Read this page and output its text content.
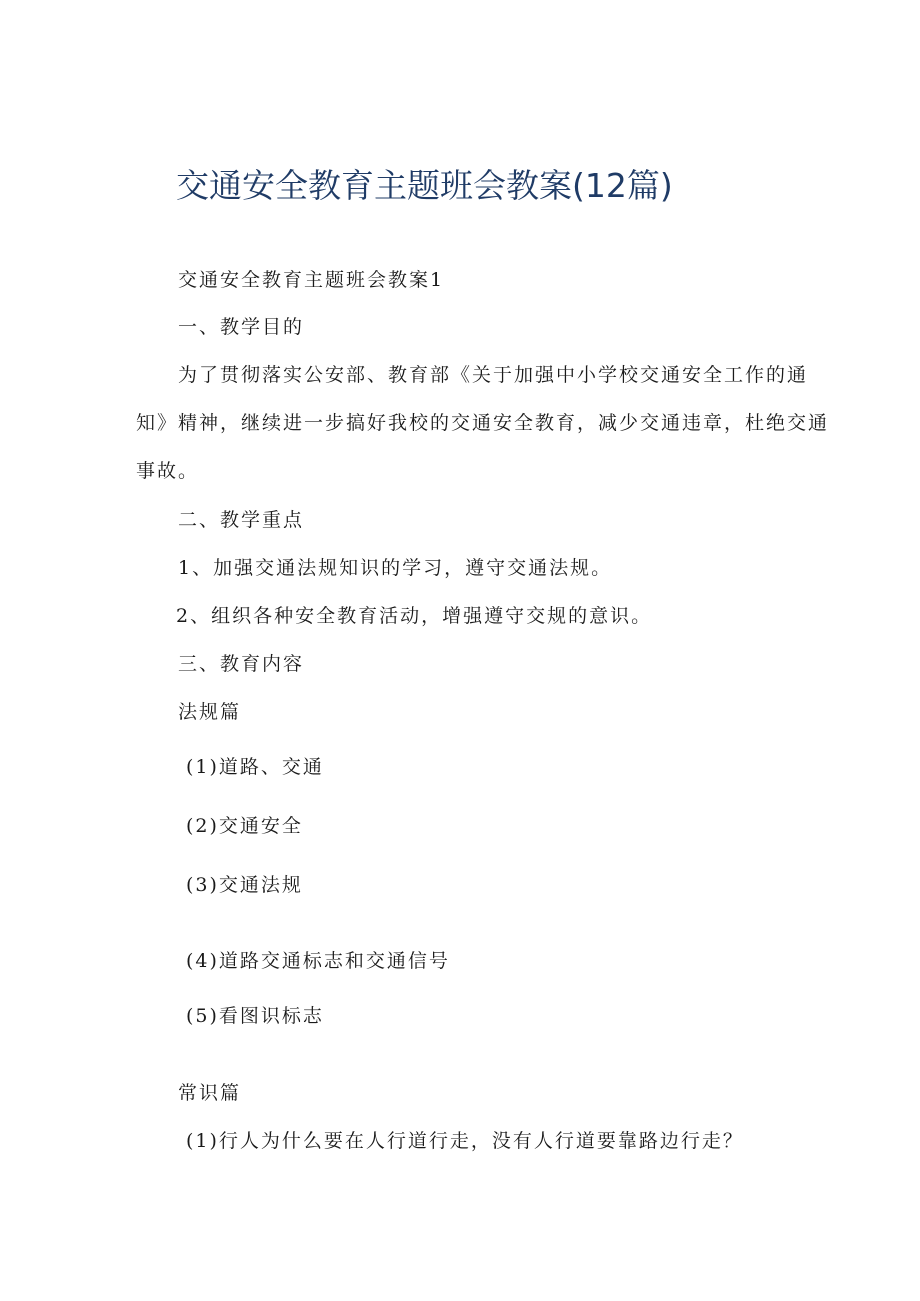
交通安全教育主题班会教案(12篇)
交通安全教育主题班会教案1
一、教学目的
为了贯彻落实公安部、教育部《关于加强中小学校交通安全工作的通
知》精神，继续进一步搞好我校的交通安全教育，减少交通违章，杜绝交通
事故。
二、教学重点
1、加强交通法规知识的学习，遵守交通法规。
2、组织各种安全教育活动，增强遵守交规的意识。
三、教育内容
法规篇
(1)道路、交通
(2)交通安全
(3)交通法规
(4)道路交通标志和交通信号
(5)看图识标志
常识篇
(1)行人为什么要在人行道行走，没有人行道要靠路边行走？
